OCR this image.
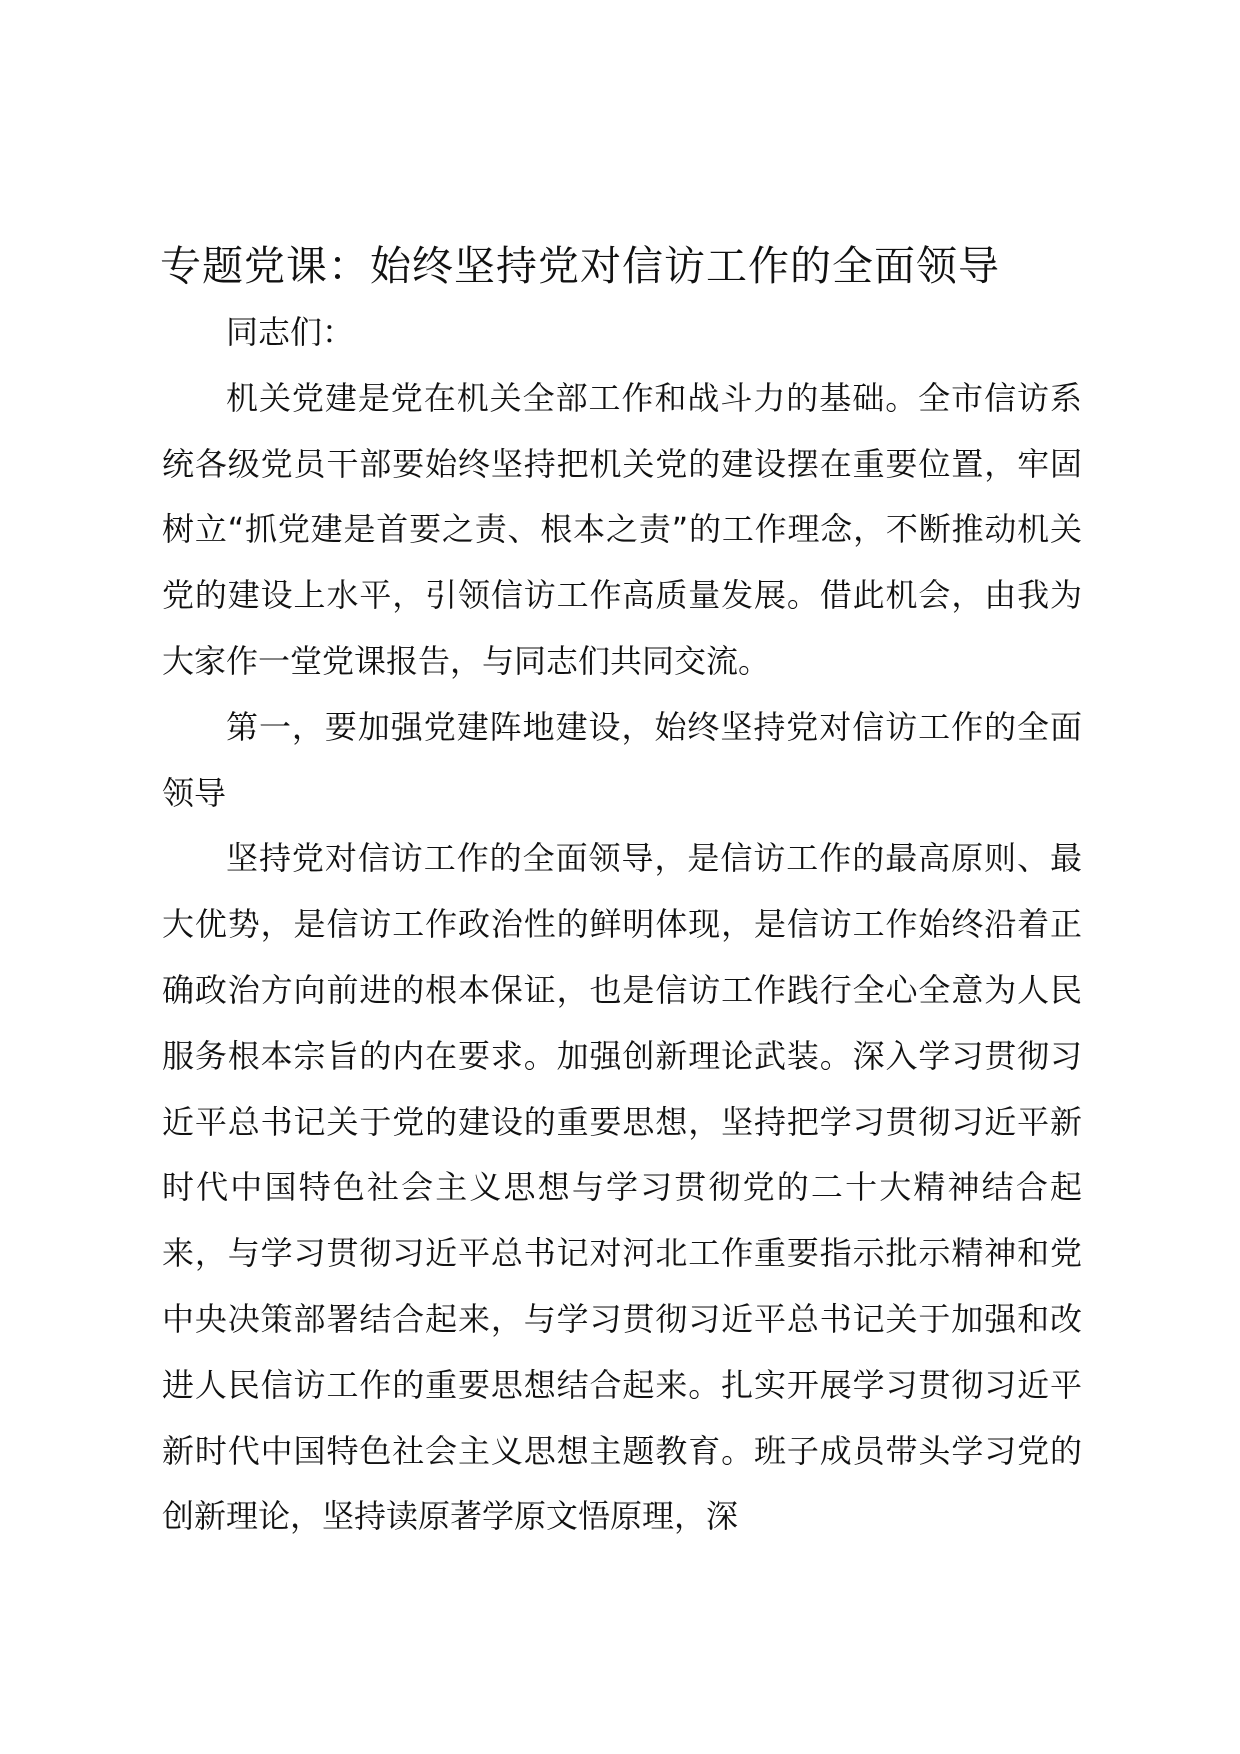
专题党课：始终坚持党对信访工作的全面领导

同志们：

机关党建是党在机关全部工作和战斗力的基础。全市信访系统各级党员干部要始终坚持把机关党的建设摆在重要位置，牢固树立“抓党建是首要之责、根本之责”的工作理念，不断推动机关党的建设上水平，引领信访工作高质量发展。借此机会，由我为大家作一堂党课报告，与同志们共同交流。

第一，要加强党建阵地建设，始终坚持党对信访工作的全面领导

坚持党对信访工作的全面领导，是信访工作的最高原则、最大优势，是信访工作政治性的鲜明体现，是信访工作始终沿着正确政治方向前进的根本保证，也是信访工作践行全心全意为人民服务根本宗旨的内在要求。加强创新理论武装。深入学习贯彻习近平总书记关于党的建设的重要思想，坚持把学习贯彻习近平新时代中国特色社会主义思想与学习贯彻党的二十大精神结合起来，与学习贯彻习近平总书记对河北工作重要指示批示精神和党中央决策部署结合起来，与学习贯彻习近平总书记关于加强和改进人民信访工作的重要思想结合起来。扎实开展学习贯彻习近平新时代中国特色社会主义思想主题教育。班子成员带头学习党的创新理论，坚持读原著学原文悟原理，深
